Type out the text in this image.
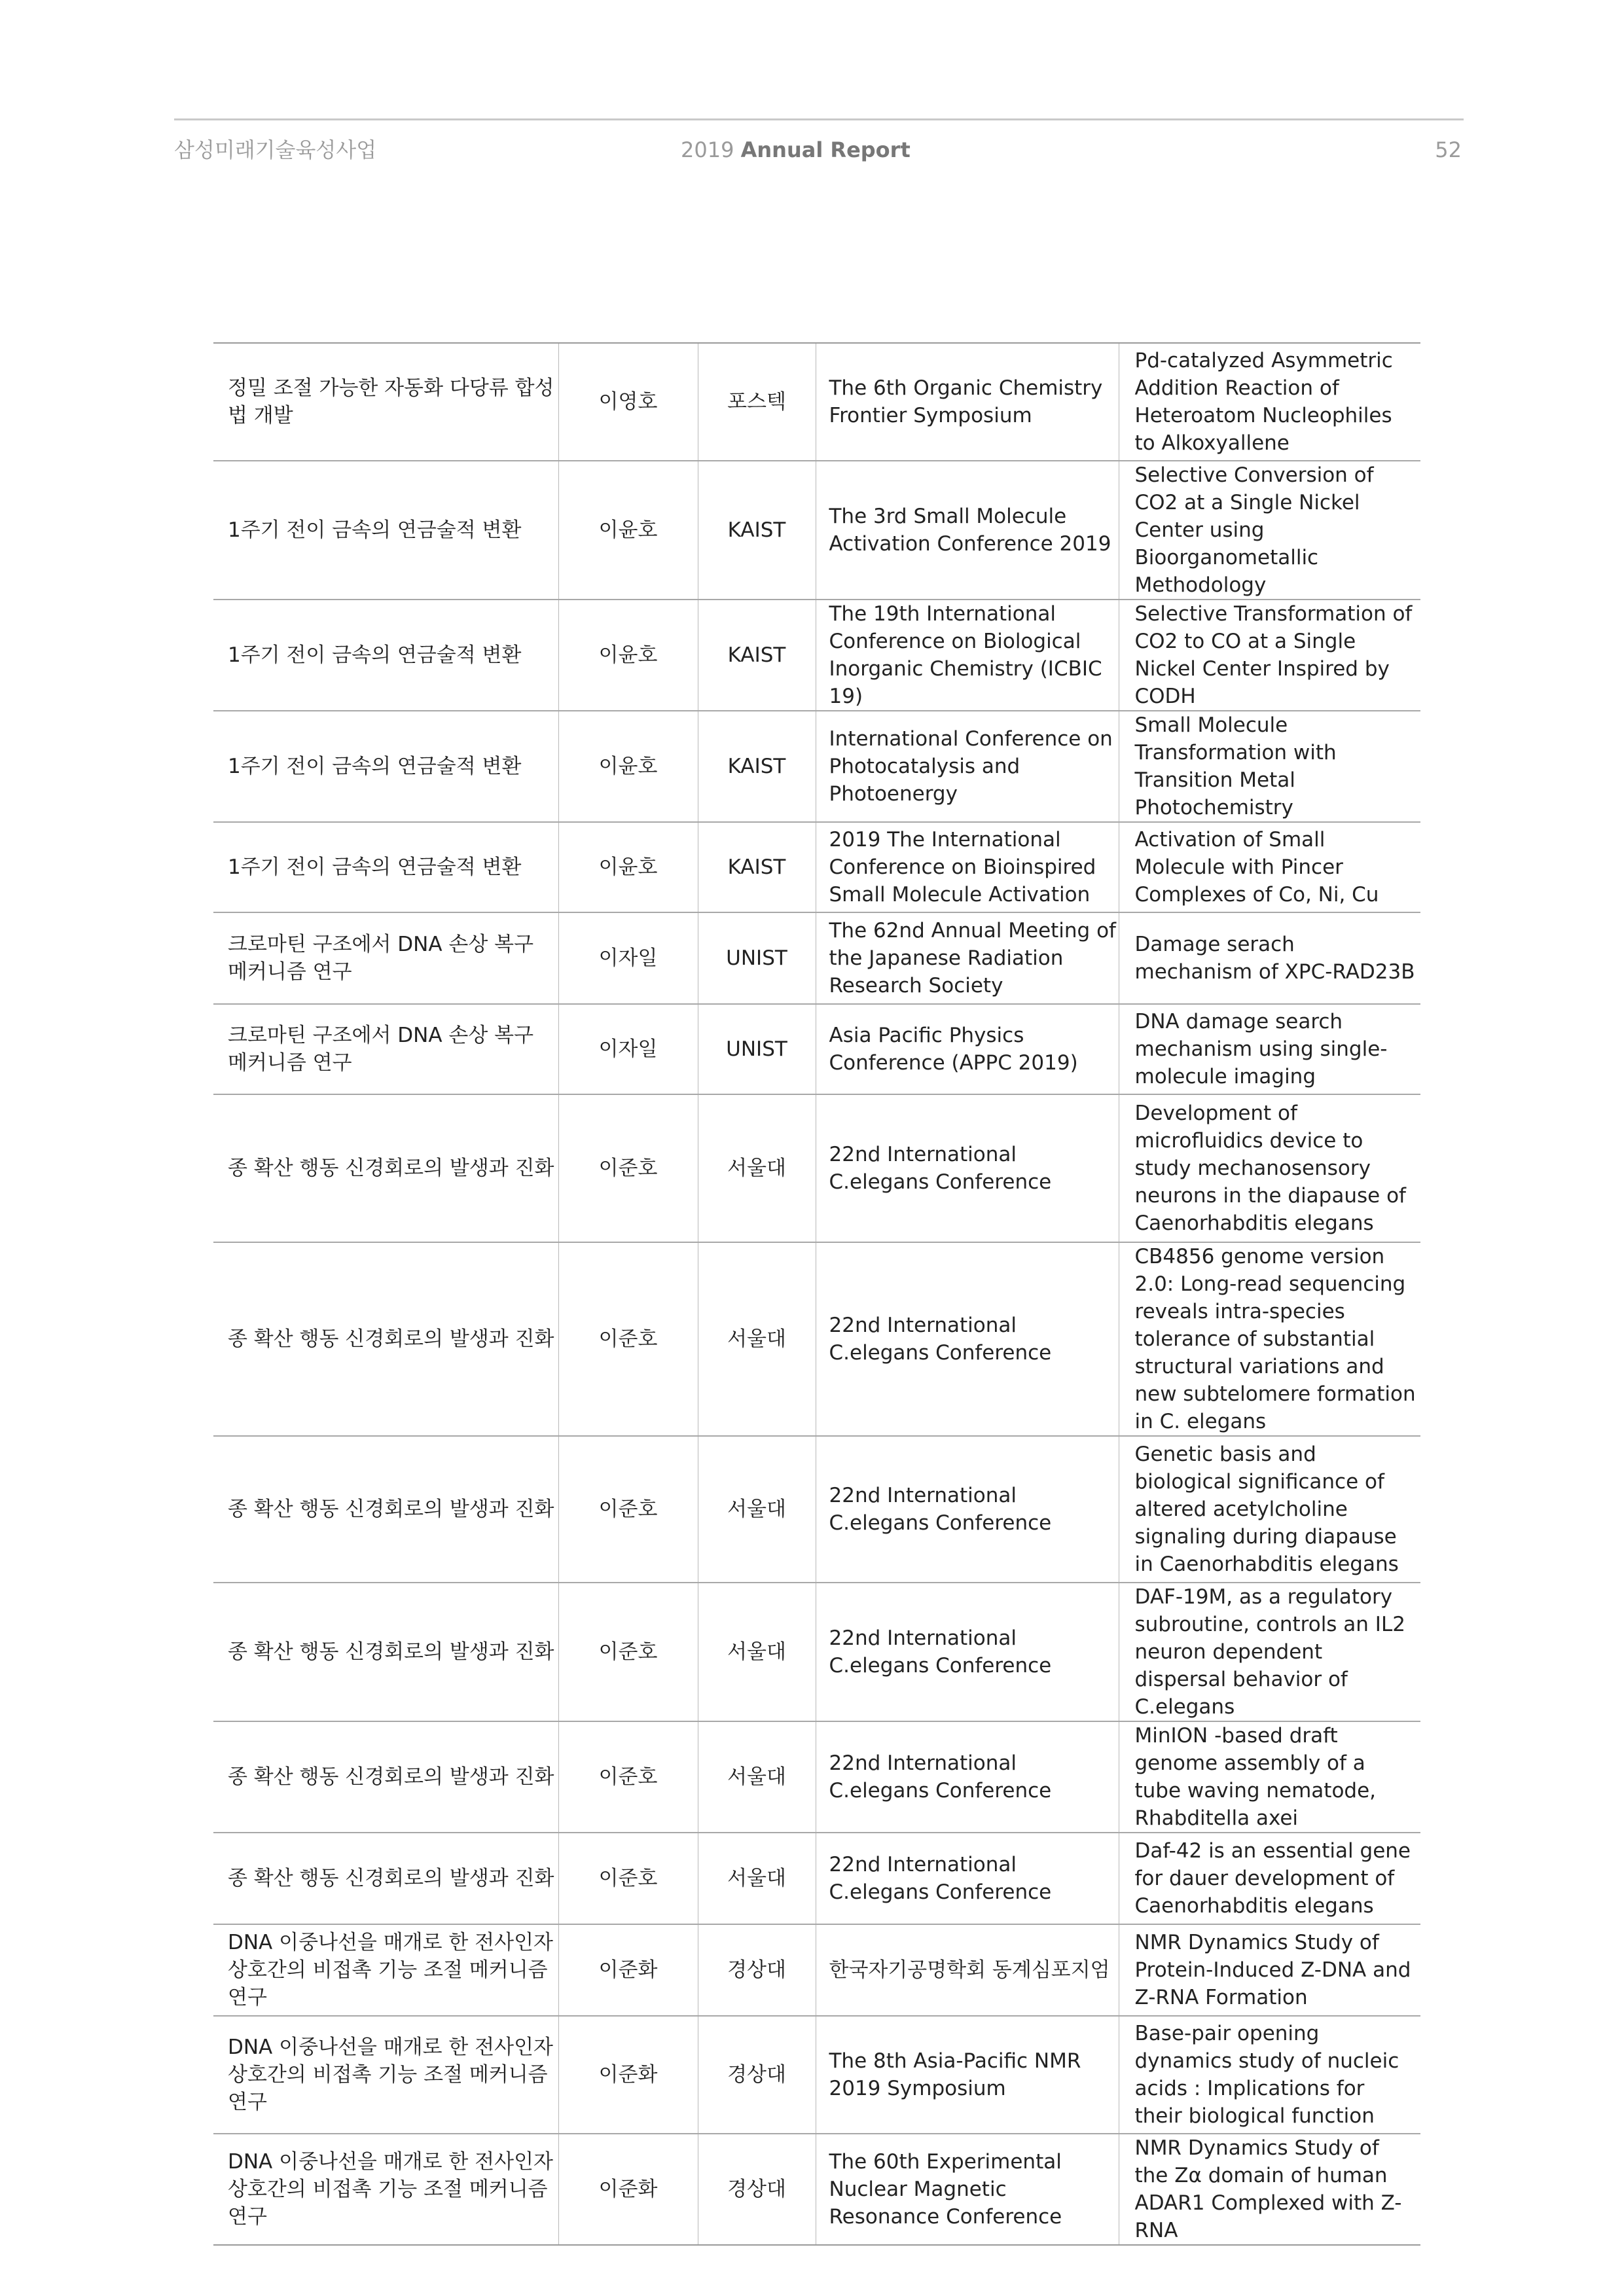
삼성미래기술육성사업	2019 Annual Report	52
정밀 조절 가능한 자동화 다당류 합성법 개발	이영호	포스텍	The 6th Organic Chemistry Frontier Symposium	Pd-catalyzed Asymmetric Addition Reaction of Heteroatom Nucleophiles to Alkoxyallene
1주기 전이 금속의 연금술적 변환	이윤호	KAIST	The 3rd Small Molecule Activation Conference 2019	Selective Conversion of CO2 at a Single Nickel Center using Bioorganometallic Methodology
1주기 전이 금속의 연금술적 변환	이윤호	KAIST	The 19th International Conference on Biological Inorganic Chemistry (ICBIC 19)	Selective Transformation of CO2 to CO at a Single Nickel Center Inspired by CODH
1주기 전이 금속의 연금술적 변환	이윤호	KAIST	International Conference on Photocatalysis and Photoenergy	Small Molecule Transformation with Transition Metal Photochemistry
1주기 전이 금속의 연금술적 변환	이윤호	KAIST	2019 The International Conference on Bioinspired Small Molecule Activation	Activation of Small Molecule with Pincer Complexes of Co, Ni, Cu
크로마틴 구조에서 DNA 손상 복구 메커니즘 연구	이자일	UNIST	The 62nd Annual Meeting of the Japanese Radiation Research Society	Damage serach mechanism of XPC-RAD23B
크로마틴 구조에서 DNA 손상 복구 메커니즘 연구	이자일	UNIST	Asia Pacific Physics Conference (APPC 2019)	DNA damage search mechanism using single-molecule imaging
종 확산 행동 신경회로의 발생과 진화	이준호	서울대	22nd International C.elegans Conference	Development of microfluidics device to study mechanosensory neurons in the diapause of Caenorhabditis elegans
종 확산 행동 신경회로의 발생과 진화	이준호	서울대	22nd International C.elegans Conference	CB4856 genome version 2.0: Long-read sequencing reveals intra-species tolerance of substantial structural variations and new subtelomere formation in C. elegans
종 확산 행동 신경회로의 발생과 진화	이준호	서울대	22nd International C.elegans Conference	Genetic basis and biological significance of altered acetylcholine signaling during diapause in Caenorhabditis elegans
종 확산 행동 신경회로의 발생과 진화	이준호	서울대	22nd International C.elegans Conference	DAF-19M, as a regulatory subroutine, controls an IL2 neuron dependent dispersal behavior of C.elegans
종 확산 행동 신경회로의 발생과 진화	이준호	서울대	22nd International C.elegans Conference	MinION -based draft genome assembly of a tube waving nematode, Rhabditella axei
종 확산 행동 신경회로의 발생과 진화	이준호	서울대	22nd International C.elegans Conference	Daf-42 is an essential gene for dauer development of Caenorhabditis elegans
DNA 이중나선을 매개로 한 전사인자 상호간의 비접촉 기능 조절 메커니즘 연구	이준화	경상대	한국자기공명학회 동계심포지엄	NMR Dynamics Study of Protein-Induced Z-DNA and Z-RNA Formation
DNA 이중나선을 매개로 한 전사인자 상호간의 비접촉 기능 조절 메커니즘 연구	이준화	경상대	The 8th Asia-Pacific NMR 2019 Symposium	Base-pair opening dynamics study of nucleic acids : Implications for their biological function
DNA 이중나선을 매개로 한 전사인자 상호간의 비접촉 기능 조절 메커니즘 연구	이준화	경상대	The 60th Experimental Nuclear Magnetic Resonance Conference	NMR Dynamics Study of the Zα domain of human ADAR1 Complexed with Z-RNA
